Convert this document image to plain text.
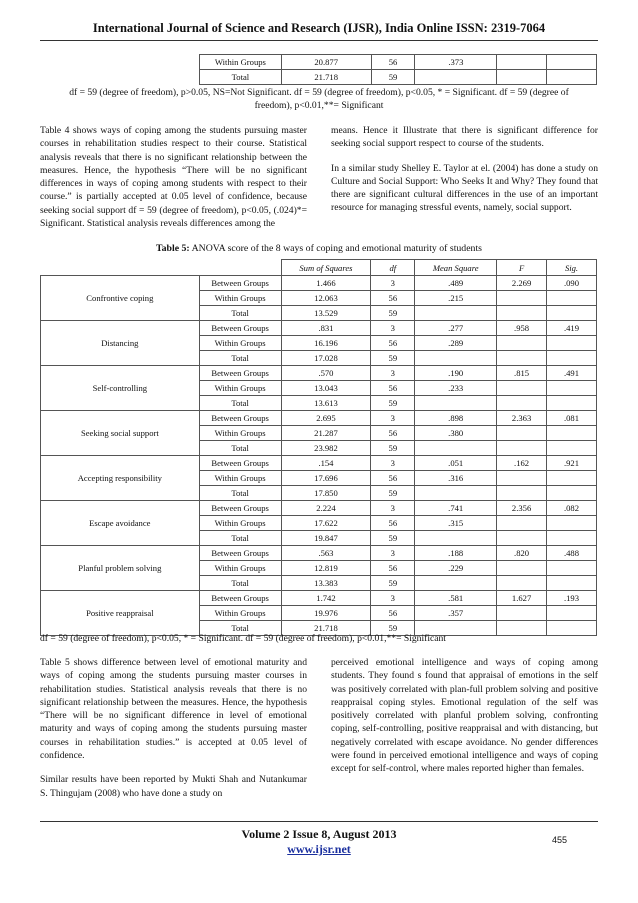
International Journal of Science and Research (IJSR), India Online ISSN: 2319-7064
Within Groups	20.877	56	.373		
Total	21.718	59			
df = 59 (degree of freedom), p>0.05, NS=Not Significant. df = 59 (degree of freedom), p<0.05, * = Significant. df = 59 (degree of freedom), p<0.01,**= Significant

Table 4 shows ways of coping among the students pursuing master courses in rehabilitation studies respect to their course. Statistical analysis reveals that there is no significant relationship between the measures. Hence, the hypothesis “There will be no significant differences in ways of coping among students with respect to their course.” is partially accepted at 0.05 level of confidence, because seeking social support df = 59 (degree of freedom), p<0.05, (.024)*= Significant. Statistical analysis reveals differences among the

means. Hence it Illustrate that there is significant difference for seeking social support respect to course of the students.

In a similar study Shelley E. Taylor at el. (2004) has done a study on Culture and Social Support: Who Seeks It and Why? They found that there are significant cultural differences in the use of an important resource for managing stressful events, namely, social support.

Table 5: ANOVA score of the 8 ways of coping and emotional maturity of students
		Sum of Squares	df	Mean Square	F	Sig.
	Between Groups	1.466	3	.489	2.269	.090
Confrontive coping	Within Groups	12.063	56	.215		
	Total	13.529	59			
	Between Groups	.831	3	.277	.958	.419
Distancing	Within Groups	16.196	56	.289		
	Total	17.028	59			
	Between Groups	.570	3	.190	.815	.491
Self-controlling	Within Groups	13.043	56	.233		
	Total	13.613	59			
	Between Groups	2.695	3	.898	2.363	.081
Seeking social support	Within Groups	21.287	56	.380		
	Total	23.982	59			
	Between Groups	.154	3	.051	.162	.921
Accepting responsibility	Within Groups	17.696	56	.316		
	Total	17.850	59			
	Between Groups	2.224	3	.741	2.356	.082
Escape avoidance	Within Groups	17.622	56	.315		
	Total	19.847	59			
	Between Groups	.563	3	.188	.820	.488
Planful problem solving	Within Groups	12.819	56	.229		
	Total	13.383	59			
	Between Groups	1.742	3	.581	1.627	.193
Positive reappraisal	Within Groups	19.976	56	.357		
	Total	21.718	59			
df = 59 (degree of freedom), p<0.05, * = Significant. df = 59 (degree of freedom), p<0.01,**= Significant

Table 5 shows difference between level of emotional maturity and ways of coping among the students pursuing master courses in rehabilitation studies. Statistical analysis reveals that there is no significant relationship between the measures. Hence, the hypothesis “There will be no significant difference in level of emotional maturity and ways of coping among the students pursuing master courses in rehabilitation studies.” is accepted at 0.05 level of confidence.

Similar results have been reported by Mukti Shah and Nutankumar S. Thingujam (2008) who have done a study on

perceived emotional intelligence and ways of coping among students. They found s found that appraisal of emotions in the self was positively correlated with plan-full problem solving and positive reappraisal coping styles. Emotional regulation of the self was positively correlated with planful problem solving, confronting coping, self-controlling, positive reappraisal and with distancing, but negatively correlated with escape avoidance. No gender differences were found in perceived emotional intelligence and ways of coping except for self-control, where males reported higher than females.

Volume 2 Issue 8, August 2013
www.ijsr.net
455
